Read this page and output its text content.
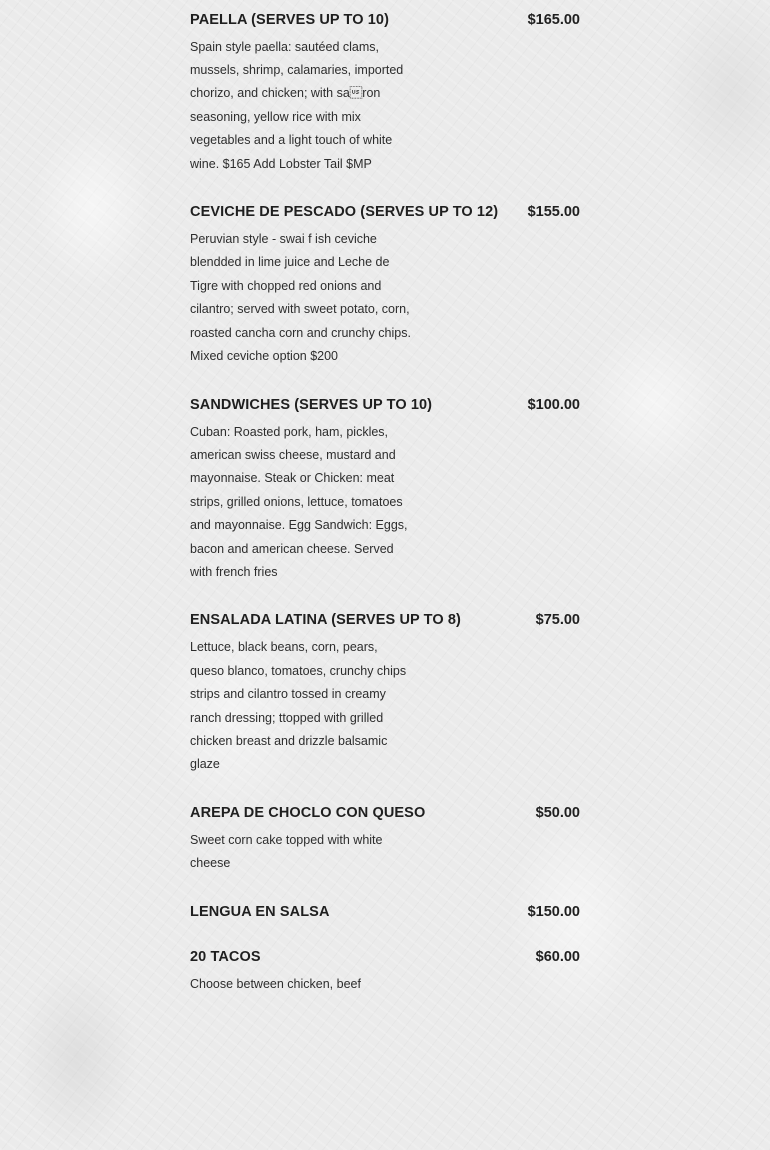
PAELLA (SERVES UP TO 10)	$165.00
Spain style paella: sautéed clams, mussels, shrimp, calamaries, imported chorizo, and chicken; with saron seasoning, yellow rice with mix vegetables and a light touch of white wine. $165 Add Lobster Tail $MP
CEVICHE DE PESCADO (SERVES UP TO 12) $155.00
Peruvian style - swai f ish ceviche blendded in lime juice and Leche de Tigre with chopped red onions and cilantro; served with sweet potato, corn, roasted cancha corn and crunchy chips. Mixed ceviche option $200
SANDWICHES (SERVES UP TO 10)	$100.00
Cuban: Roasted pork, ham, pickles, american swiss cheese, mustard and mayonnaise. Steak or Chicken: meat strips, grilled onions, lettuce, tomatoes and mayonnaise. Egg Sandwich: Eggs, bacon and american cheese. Served with french fries
ENSALADA LATINA (SERVES UP TO 8)	$75.00
Lettuce, black beans, corn, pears, queso blanco, tomatoes, crunchy chips strips and cilantro tossed in creamy ranch dressing; ttopped with grilled chicken breast and drizzle balsamic glaze
AREPA DE CHOCLO CON QUESO	$50.00
Sweet corn cake topped with white cheese
LENGUA EN SALSA	$150.00
20 TACOS	$60.00
Choose between chicken, beef
